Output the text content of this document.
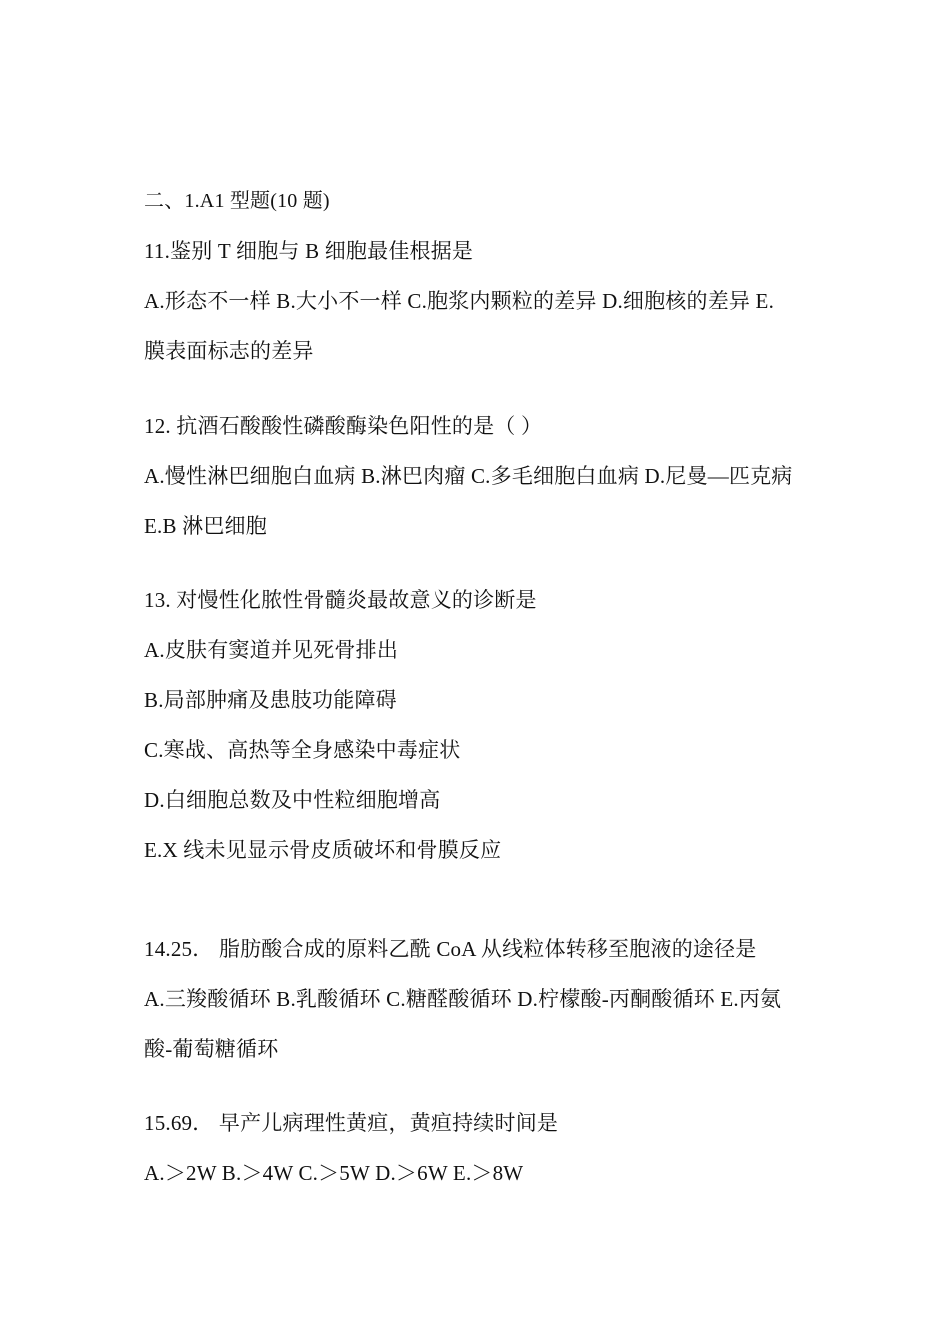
二、1.A1 型题(10 题)
11.鉴别 T 细胞与 B 细胞最佳根据是
A.形态不一样 B.大小不一样 C.胞浆内颗粒的差异 D.细胞核的差异 E.
膜表面标志的差异
12. 抗酒石酸酸性磷酸酶染色阳性的是（ ）
A.慢性淋巴细胞白血病 B.淋巴肉瘤 C.多毛细胞白血病 D.尼曼—匹克病
E.B 淋巴细胞
13. 对慢性化脓性骨髓炎最故意义的诊断是
A.皮肤有窦道并见死骨排出
B.局部肿痛及患肢功能障碍
C.寒战、高热等全身感染中毒症状
D.白细胞总数及中性粒细胞增高
E.X 线未见显示骨皮质破坏和骨膜反应
14.25． 脂肪酸合成的原料乙酰 CoA 从线粒体转移至胞液的途径是
A.三羧酸循环 B.乳酸循环 C.糖醛酸循环 D.柠檬酸-丙酮酸循环 E.丙氨
酸-葡萄糖循环
15.69． 早产儿病理性黄疸，黄疸持续时间是
A.＞2W B.＞4W C.＞5W D.＞6W E.＞8W
